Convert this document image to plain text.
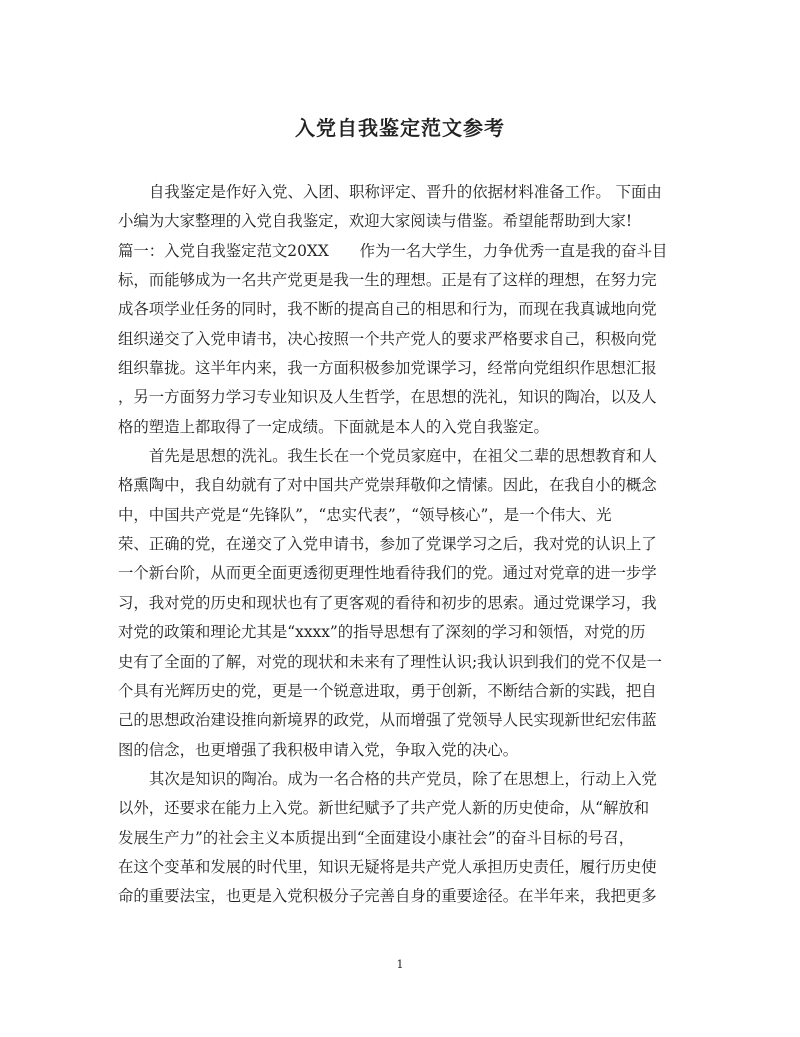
入党自我鉴定范文参考
自我鉴定是作好入党、入团、职称评定、晋升的依据材料准备工作。 下面由
小编为大家整理的入党自我鉴定，欢迎大家阅读与借鉴。希望能帮助到大家!
篇一：入党自我鉴定范文20XX　　作为一名大学生，力争优秀一直是我的奋斗目
标，而能够成为一名共产党更是我一生的理想。正是有了这样的理想，在努力完
成各项学业任务的同时，我不断的提高自己的相思和行为，而现在我真诚地向党
组织递交了入党申请书，决心按照一个共产党人的要求严格要求自己，积极向党
组织靠拢。这半年内来，我一方面积极参加党课学习，经常向党组织作思想汇报
，另一方面努力学习专业知识及人生哲学，在思想的洗礼，知识的陶冶，以及人
格的塑造上都取得了一定成绩。下面就是本人的入党自我鉴定。
首先是思想的洗礼。我生长在一个党员家庭中，在祖父二辈的思想教育和人
格熏陶中，我自幼就有了对中国共产党崇拜敬仰之情愫。因此，在我自小的概念
中，中国共产党是“先锋队”，“忠实代表”，“领导核心”，是一个伟大、光
荣、正确的党，在递交了入党申请书，参加了党课学习之后，我对党的认识上了
一个新台阶，从而更全面更透彻更理性地看待我们的党。通过对党章的进一步学
习，我对党的历史和现状也有了更客观的看待和初步的思索。通过党课学习，我
对党的政策和理论尤其是“xxxx”的指导思想有了深刻的学习和领悟，对党的历
史有了全面的了解，对党的现状和未来有了理性认识;我认识到我们的党不仅是一
个具有光辉历史的党，更是一个锐意进取，勇于创新，不断结合新的实践，把自
己的思想政治建设推向新境界的政党，从而增强了党领导人民实现新世纪宏伟蓝
图的信念，也更增强了我积极申请入党，争取入党的决心。
其次是知识的陶冶。成为一名合格的共产党员，除了在思想上，行动上入党
以外，还要求在能力上入党。新世纪赋予了共产党人新的历史使命，从“解放和
发展生产力”的社会主义本质提出到“全面建设小康社会”的奋斗目标的号召，
在这个变革和发展的时代里，知识无疑将是共产党人承担历史责任，履行历史使
命的重要法宝，也更是入党积极分子完善自身的重要途径。在半年来，我把更多
1
